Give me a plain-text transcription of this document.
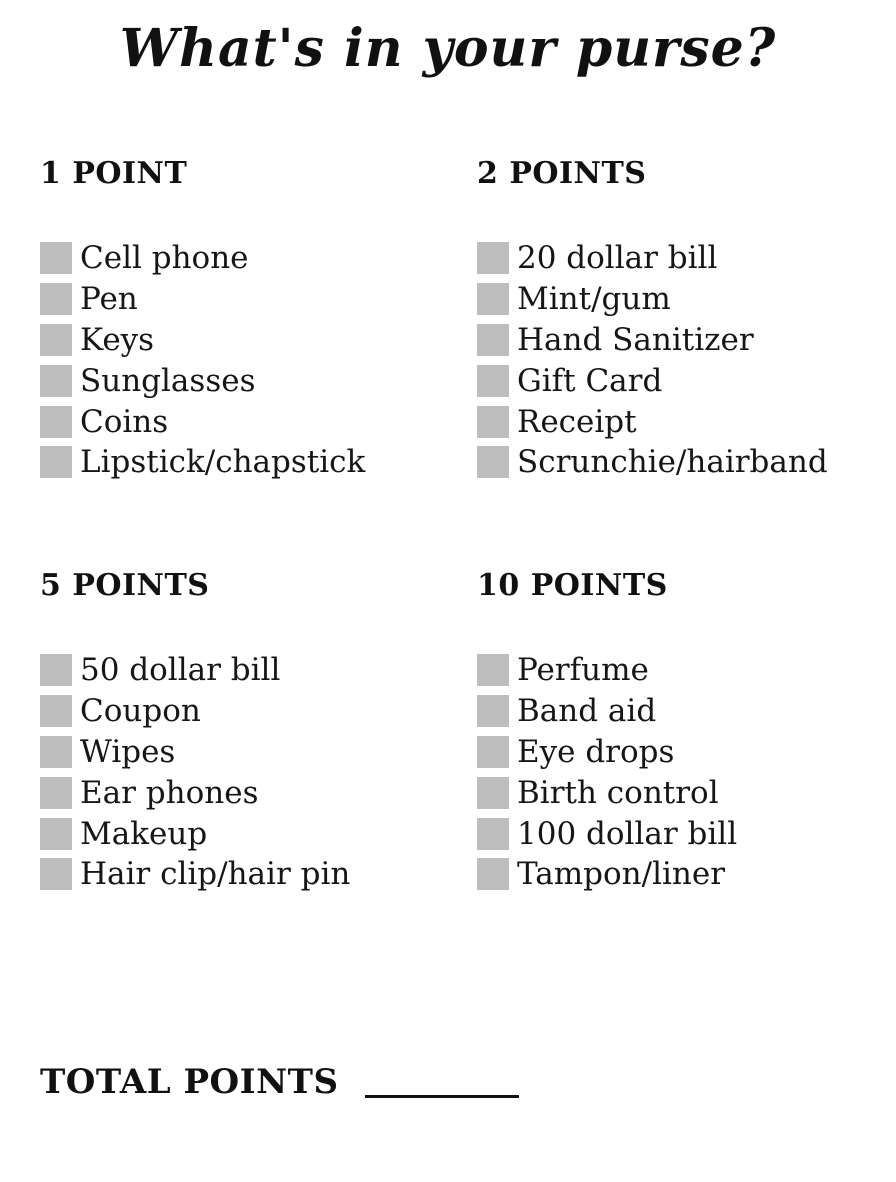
What's in your purse?
1 POINT
Cell phone
Pen
Keys
Sunglasses
Coins
Lipstick/chapstick
2 POINTS
20 dollar bill
Mint/gum
Hand Sanitizer
Gift Card
Receipt
Scrunchie/hairband
5 POINTS
50 dollar bill
Coupon
Wipes
Ear phones
Makeup
Hair clip/hair pin
10 POINTS
Perfume
Band aid
Eye drops
Birth control
100 dollar bill
Tampon/liner
TOTAL POINTS
